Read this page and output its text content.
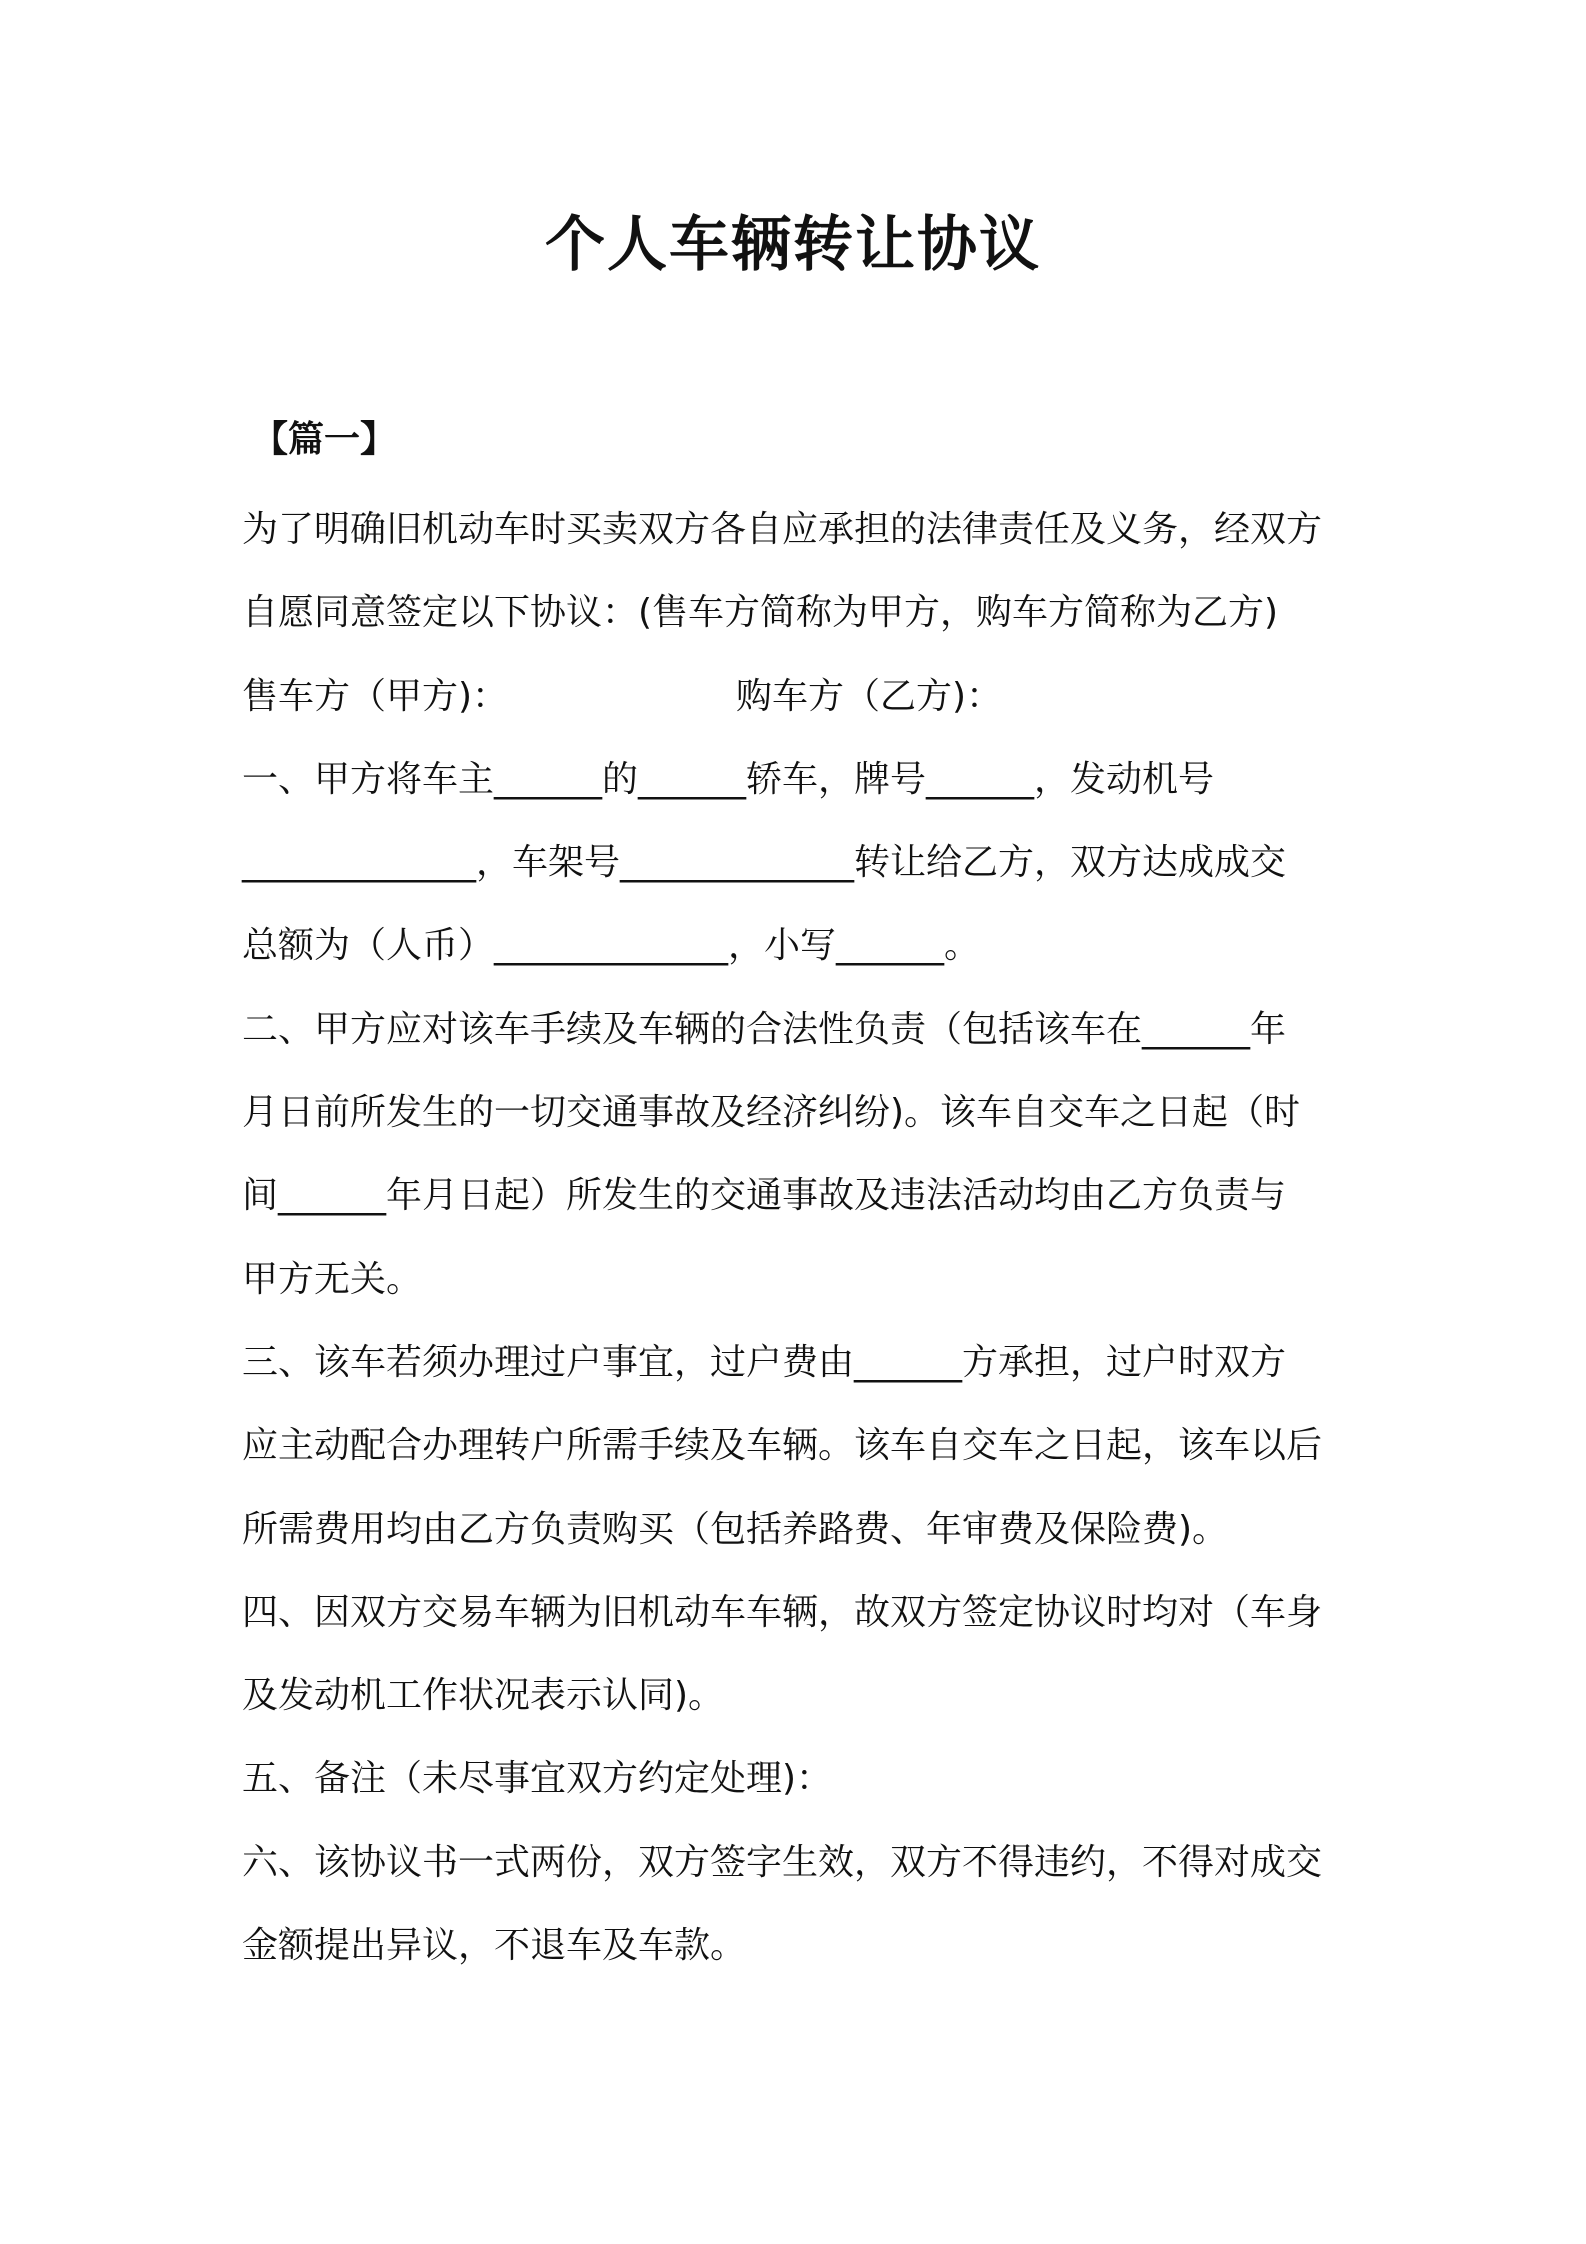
个人车辆转让协议
【篇一】
为了明确旧机动车时买卖双方各自应承担的法律责任及义务，经双方
自愿同意签定以下协议：(售车方简称为甲方，购车方简称为乙方)
售车方（甲方)：	购车方（乙方)：
一、甲方将车主______的______轿车，牌号______，发动机号
_____________，车架号_____________转让给乙方，双方达成成交
总额为（人币）_____________，小写______。
二、甲方应对该车手续及车辆的合法性负责（包括该车在______年
月日前所发生的一切交通事故及经济纠纷)。该车自交车之日起（时
间______年月日起）所发生的交通事故及违法活动均由乙方负责与
甲方无关。
三、该车若须办理过户事宜，过户费由______方承担，过户时双方
应主动配合办理转户所需手续及车辆。该车自交车之日起，该车以后
所需费用均由乙方负责购买（包括养路费、年审费及保险费)。
四、因双方交易车辆为旧机动车车辆，故双方签定协议时均对（车身
及发动机工作状况表示认同)。
五、备注（未尽事宜双方约定处理)：
六、该协议书一式两份，双方签字生效，双方不得违约，不得对成交
金额提出异议，不退车及车款。
